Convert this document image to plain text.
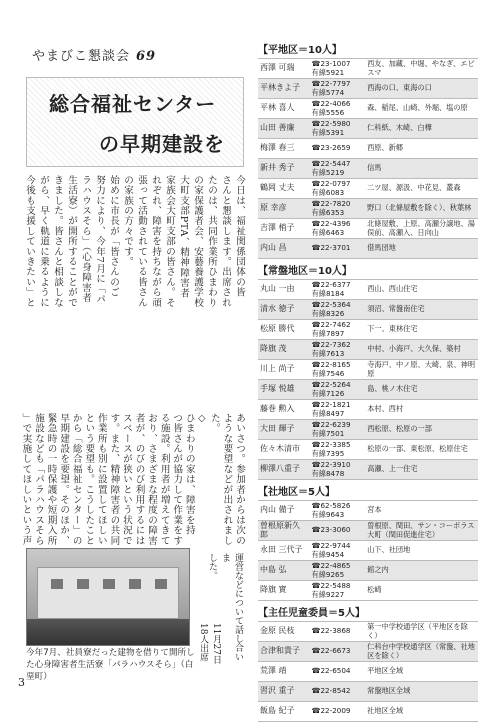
やまびこ懇談会 69
総合福祉センター
の早期建設を
今日は、福祉関係団体の皆
さんと懇談します。出席され
たのは、共同作業所ひまわり
の家保護者会、安藝養護学校
大町支部PTA、精神障害者
家族会大町支部の皆さん。そ
れぞれ、障害を持ちながら頑
張って活動されている皆さん
の家族の方々です。
始めに市長が「皆さんのご
努力により、今年7月に「パ
ラハウスそら」（心身障害者
生活寮）が開所することがで
きました。皆さんと相談しな
がら、早く軌道に乗るように
今後も支援していきたい」と
あいさつ。参加者からは次の
ような要望などが出されまし
た。
◇
ひまわりの家は、障害を持
つ皆さんが協力して作業をす
る施設。利用者が増えてきて
おり、さまざまな程度の障害
者が、のびのび利用するには
スペースが狭いという状況で
す。また、精神障害者の共同
作業所も別に設置してほしい
という要望も。こうしたこと
から「総合福祉センター」の
早期建設を要望。そのほか、
緊急時の一時保護や短期入所
施設なども「パラハウスそら
」で実施してほしいという声
今年7月、社員寮だった建物を借りて開所した心身障害者生活寮「パラハウスそら」（白堊町）
運営などについて話し合いま
した。
11月27日　18人出席
3
【平地区＝10人】
西澤 可瑞	☎23-1007
有線5921	西友、加藏、中堀、やなぎ、エビスマ
平林きよ子	☎22-7797
有線5774	西海の口、東海の口
平林 喜人	☎22-4066
有線5556	森、稲尾、山崎、外堀、塩の原
山田 善廉	☎22-5980
有線5391	仁科紙、木崎、白樺
梅澤 春三	☎23-2659	西原、新郷
新井 秀子	☎22-5447
有線5219	信馬
鶴岡 丈夫	☎22-0797
有線6083	二ツ屋、源汲、中花見、叢森
原 幸彦	☎22-7820
有線6353	野口（北條屋敷を除く）、秋葉林
吉澤 梢子	☎22-4396
有線6463	北條屋敷、上原、高瀬分譲地、湯俣前、高瀬入、日向山
内山 昌	☎22-3701	借馬団地
【常盤地区＝10人】
丸山 一由	☎22-6377
有線8184	西山、西山住宅
清水 徳子	☎22-5364
有線8326	須沼、常盤南住宅
松原 勝代	☎22-7462
有線7897	下一、東林住宅
降旗 茂	☎22-7362
有線7613	中村、小海戸、大久保、築村
川上 尚子	☎22-8165
有線7546	寺海戸、中ノ原、大崎、泉、神明原
手塚 悦雄	☎22-5264
有線7126	島、桃ノ木住宅
藤巻 勲入	☎22-1821
有線8497	本村、西村
大田 輝子	☎22-6239
有線7501	西松原、松原の一部
佐々木清市	☎22-3385
有線7395	松原の一部、東松原、松原住宅
柳澤八重子	☎22-3910
有線8478	高瀬、上一住宅
【社地区＝5人】
内山 備子	☎62-5826
有線9643	宮本
曽根原新久郎	☎23-3060	曽根原、閏田、サン・コーポラス大町（閏田促進住宅）
永田 三代子	☎22-9744
有線9454	山下、社団地
中島 弘	☎22-4865
有線9265	館之内
降旗 實	☎22-5488
有線9227	松崎
【主任児童委員＝5人】
金原 民枝	☎22-3868	第一中学校通学区（平地区を除く）
合津和貴子	☎22-6673	仁科台中学校通学区（常盤、社地区を除く）
荒澤 靖	☎22-6504	平地区全域
習沢 重子	☎22-8542	常盤地区全域
飯島 紀子	☎22-2009	社地区全域
